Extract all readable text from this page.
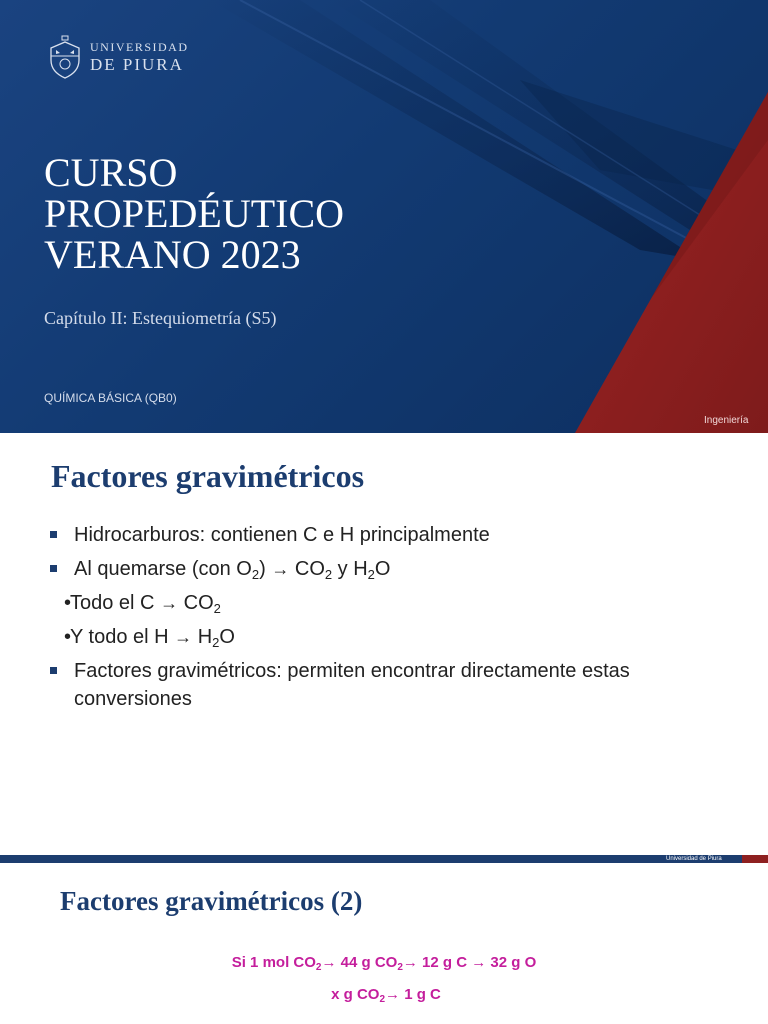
UNIVERSIDAD
DE PIURA
CURSO
PROPEDÉUTICO
VERANO 2023
Capítulo II: Estequiometría (S5)
QUÍMICA BÁSICA (QB0)
Ingeniería
Factores gravimétricos
Hidrocarburos: contienen C e H principalmente
Al quemarse (con $O_2) \to CO_2$ y $H_2O$
• Todo el $C \to CO_2$
• Y todo el $H \to H_2O$
Factores gravimétricos: permiten encontrar directamente estas conversiones
Universidad de Piura
Factores gravimétricos (2)
Si 1 mol $CO_2\to 44$ g $CO_2\to 12$ g C → 32 g O
x g $CO_2\to 1$ g C
